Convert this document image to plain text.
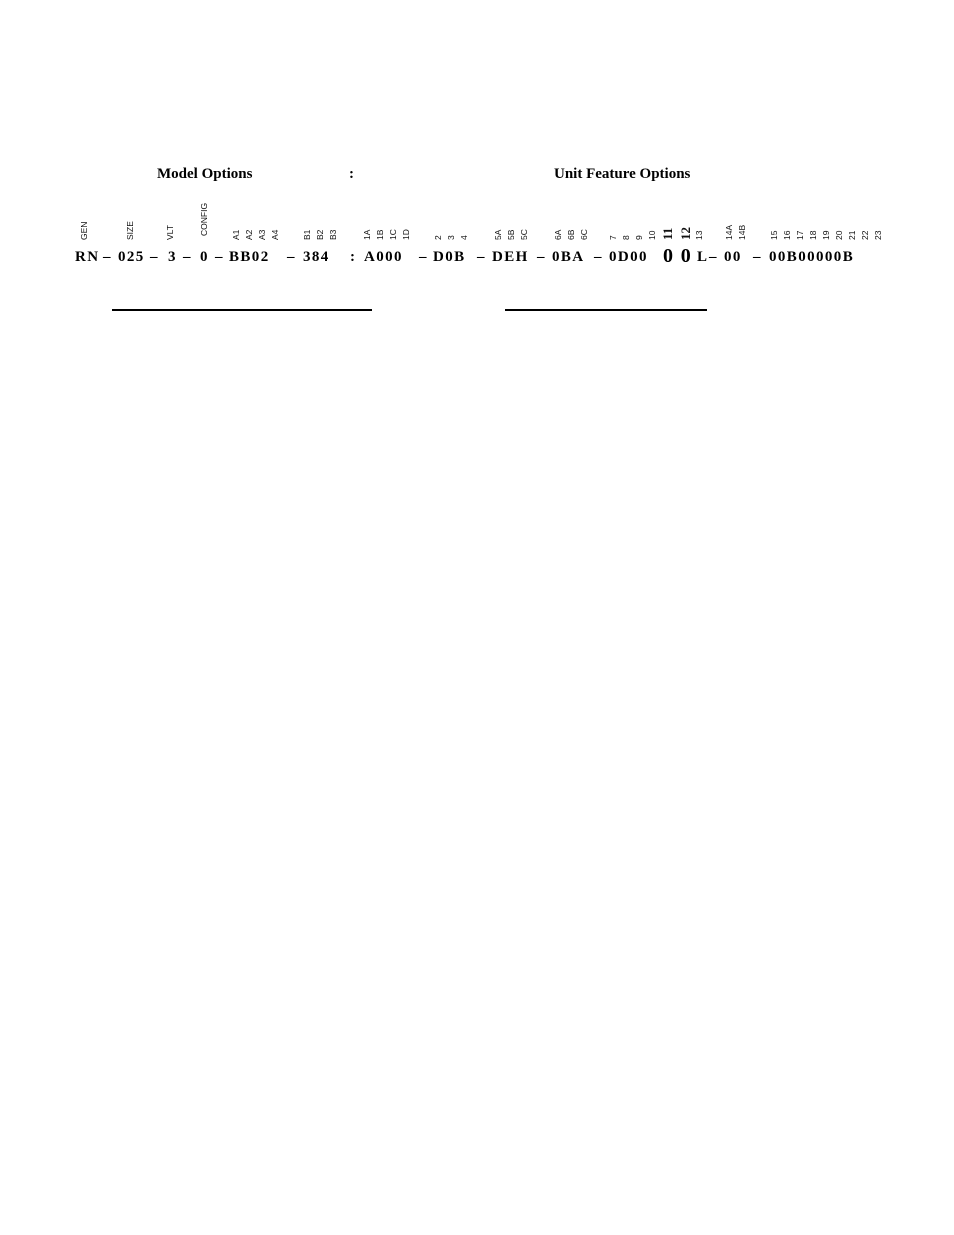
Model Options	:	Unit Feature Options
GEN	SIZE	VLT	CONFIG	A1 A2 A3 A4	B1 B2 B3	1A 1B 1C 1D	2 3 4	5A 5B 5C	6A 6B 6C 7 8 9 10 11 12 13 14A 14B	15 16 17 18 19 20 21 22 23
RN – 025 – 3 – 0 – BB02 – 384 : A000 – D0B – DEH – 0BA – 0D00 0 0 L – 00 – 00B00000B
